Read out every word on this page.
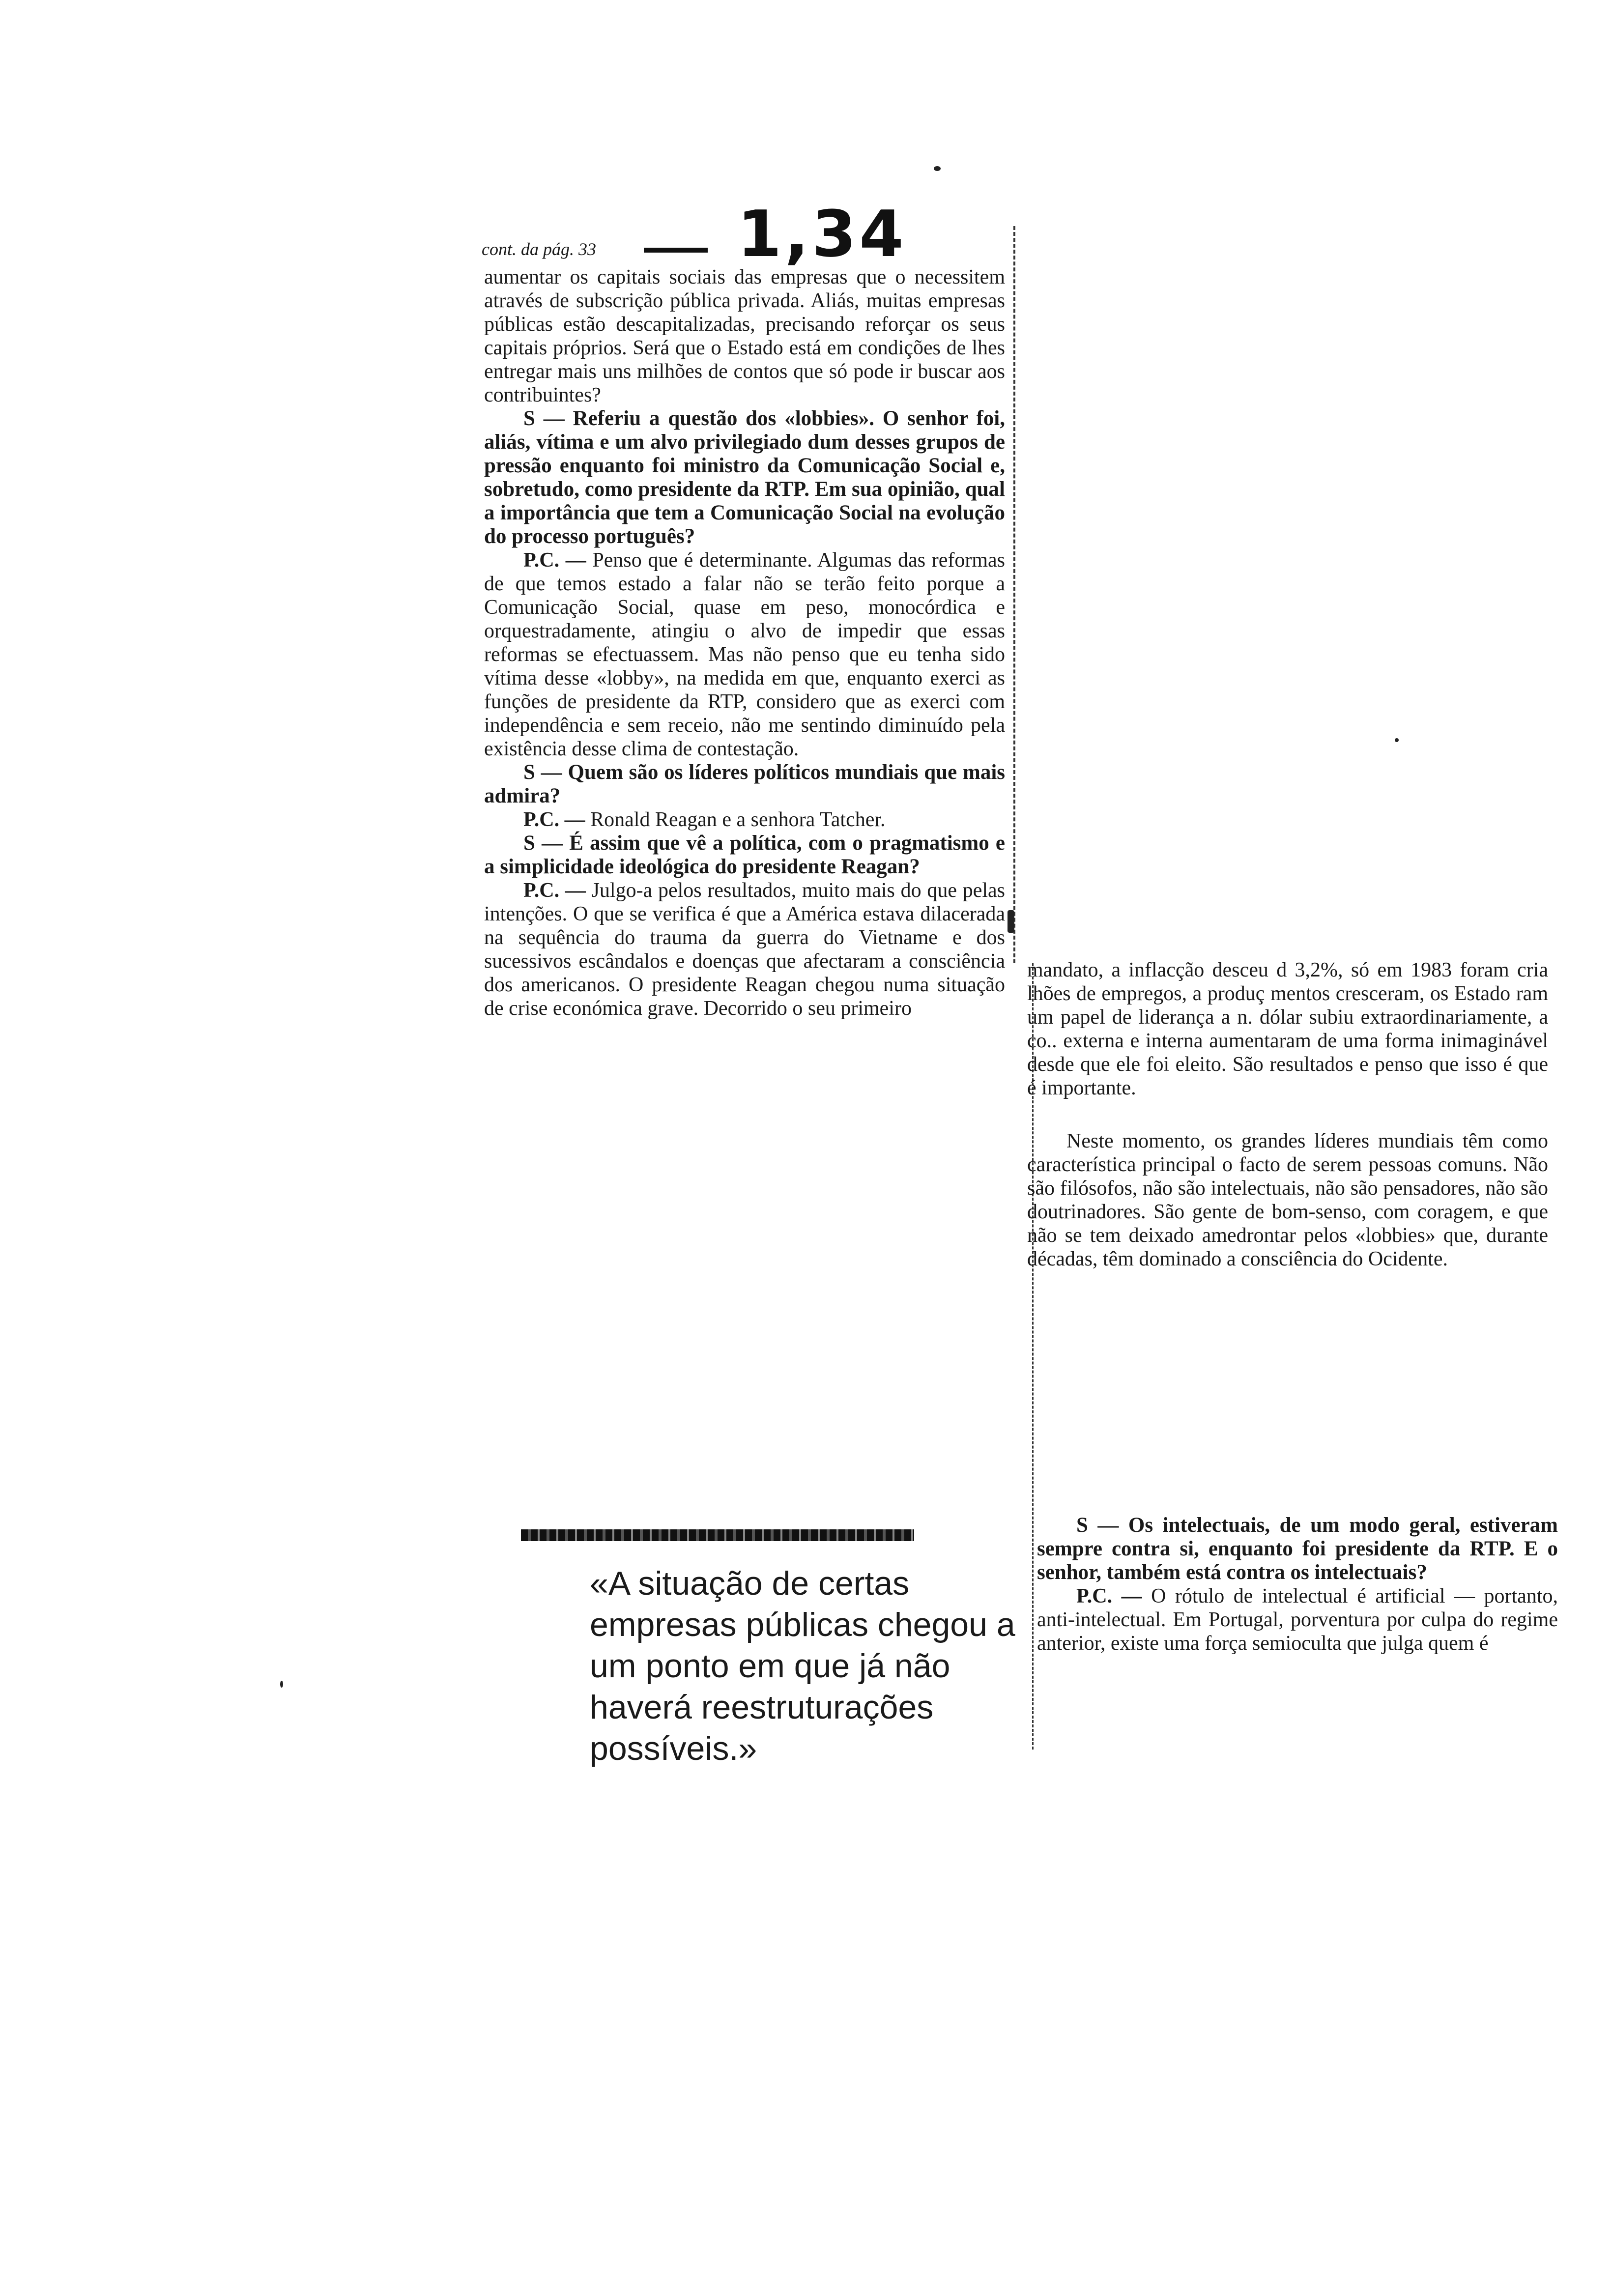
cont. da pág. 33 1,34

aumentar os capitais sociais das empresas que o necessitem através de subscrição pública privada. Aliás, muitas empresas públicas estão descapitalizadas, precisando reforçar os seus capitais próprios. Será que o Estado está em condições de lhes entregar mais uns milhões de contos que só pode ir buscar aos contribuintes?

S — Referiu a questão dos «lobbies». O senhor foi, aliás, vítima e um alvo privilegiado dum desses grupos de pressão enquanto foi ministro da Comunicação Social e, sobretudo, como presidente da RTP. Em sua opinião, qual a importância que tem a Comunicação Social na evolução do processo português?

P.C. — Penso que é determinante. Algumas das reformas de que temos estado a falar não se terão feito porque a Comunicação Social, quase em peso, monocórdica e orquestradamente, atingiu o alvo de impedir que essas reformas se efectuassem. Mas não penso que eu tenha sido vítima desse «lobby», na medida em que, enquanto exerci as funções de presidente da RTP, considero que as exerci com independência e sem receio, não me sentindo diminuído pela existência desse clima de contestação.

S — Quem são os líderes políticos mundiais que mais admira?

P.C. — Ronald Reagan e a senhora Tatcher.

S — É assim que vê a política, com o pragmatismo e a simplicidade ideológica do presidente Reagan?

P.C. — Julgo-a pelos resultados, muito mais do que pelas intenções. O que se verifica é que a América estava dilacerada na sequência do trauma da guerra do Vietname e dos sucessivos escândalos e doenças que afectaram a consciência dos americanos. O presidente Reagan chegou numa situação de crise económica grave. Decorrido o seu primeiro

«A situação de certas empresas públicas chegou a um ponto em que já não haverá reestruturações possíveis.»

mandato, a inflacção desceu d 3,2%, só em 1983 foram cria lhões de empregos, a produç mentos cresceram, os Estado ram um papel de liderança a n. dólar subiu extraordinariamente, a co.. externa e interna aumentaram de uma forma inimaginável desde que ele foi eleito. São resultados e penso que isso é que é importante.

Neste momento, os grandes líderes mundiais têm como característica principal o facto de serem pessoas comuns. Não são filósofos, não são intelectuais, não são pensadores, não são doutrinadores. São gente de bom-senso, com coragem, e que não se tem deixado amedrontar pelos «lobbies» que, durante décadas, têm dominado a consciência do Ocidente.

S — Os intelectuais, de um modo geral, estiveram sempre contra si, enquanto foi presidente da RTP. E o senhor, também está contra os intelectuais?

P.C. — O rótulo de intelectual é artificial — portanto, anti-intelectual. Em Portugal, porventura por culpa do regime anterior, existe uma força semioculta que julga quem é
